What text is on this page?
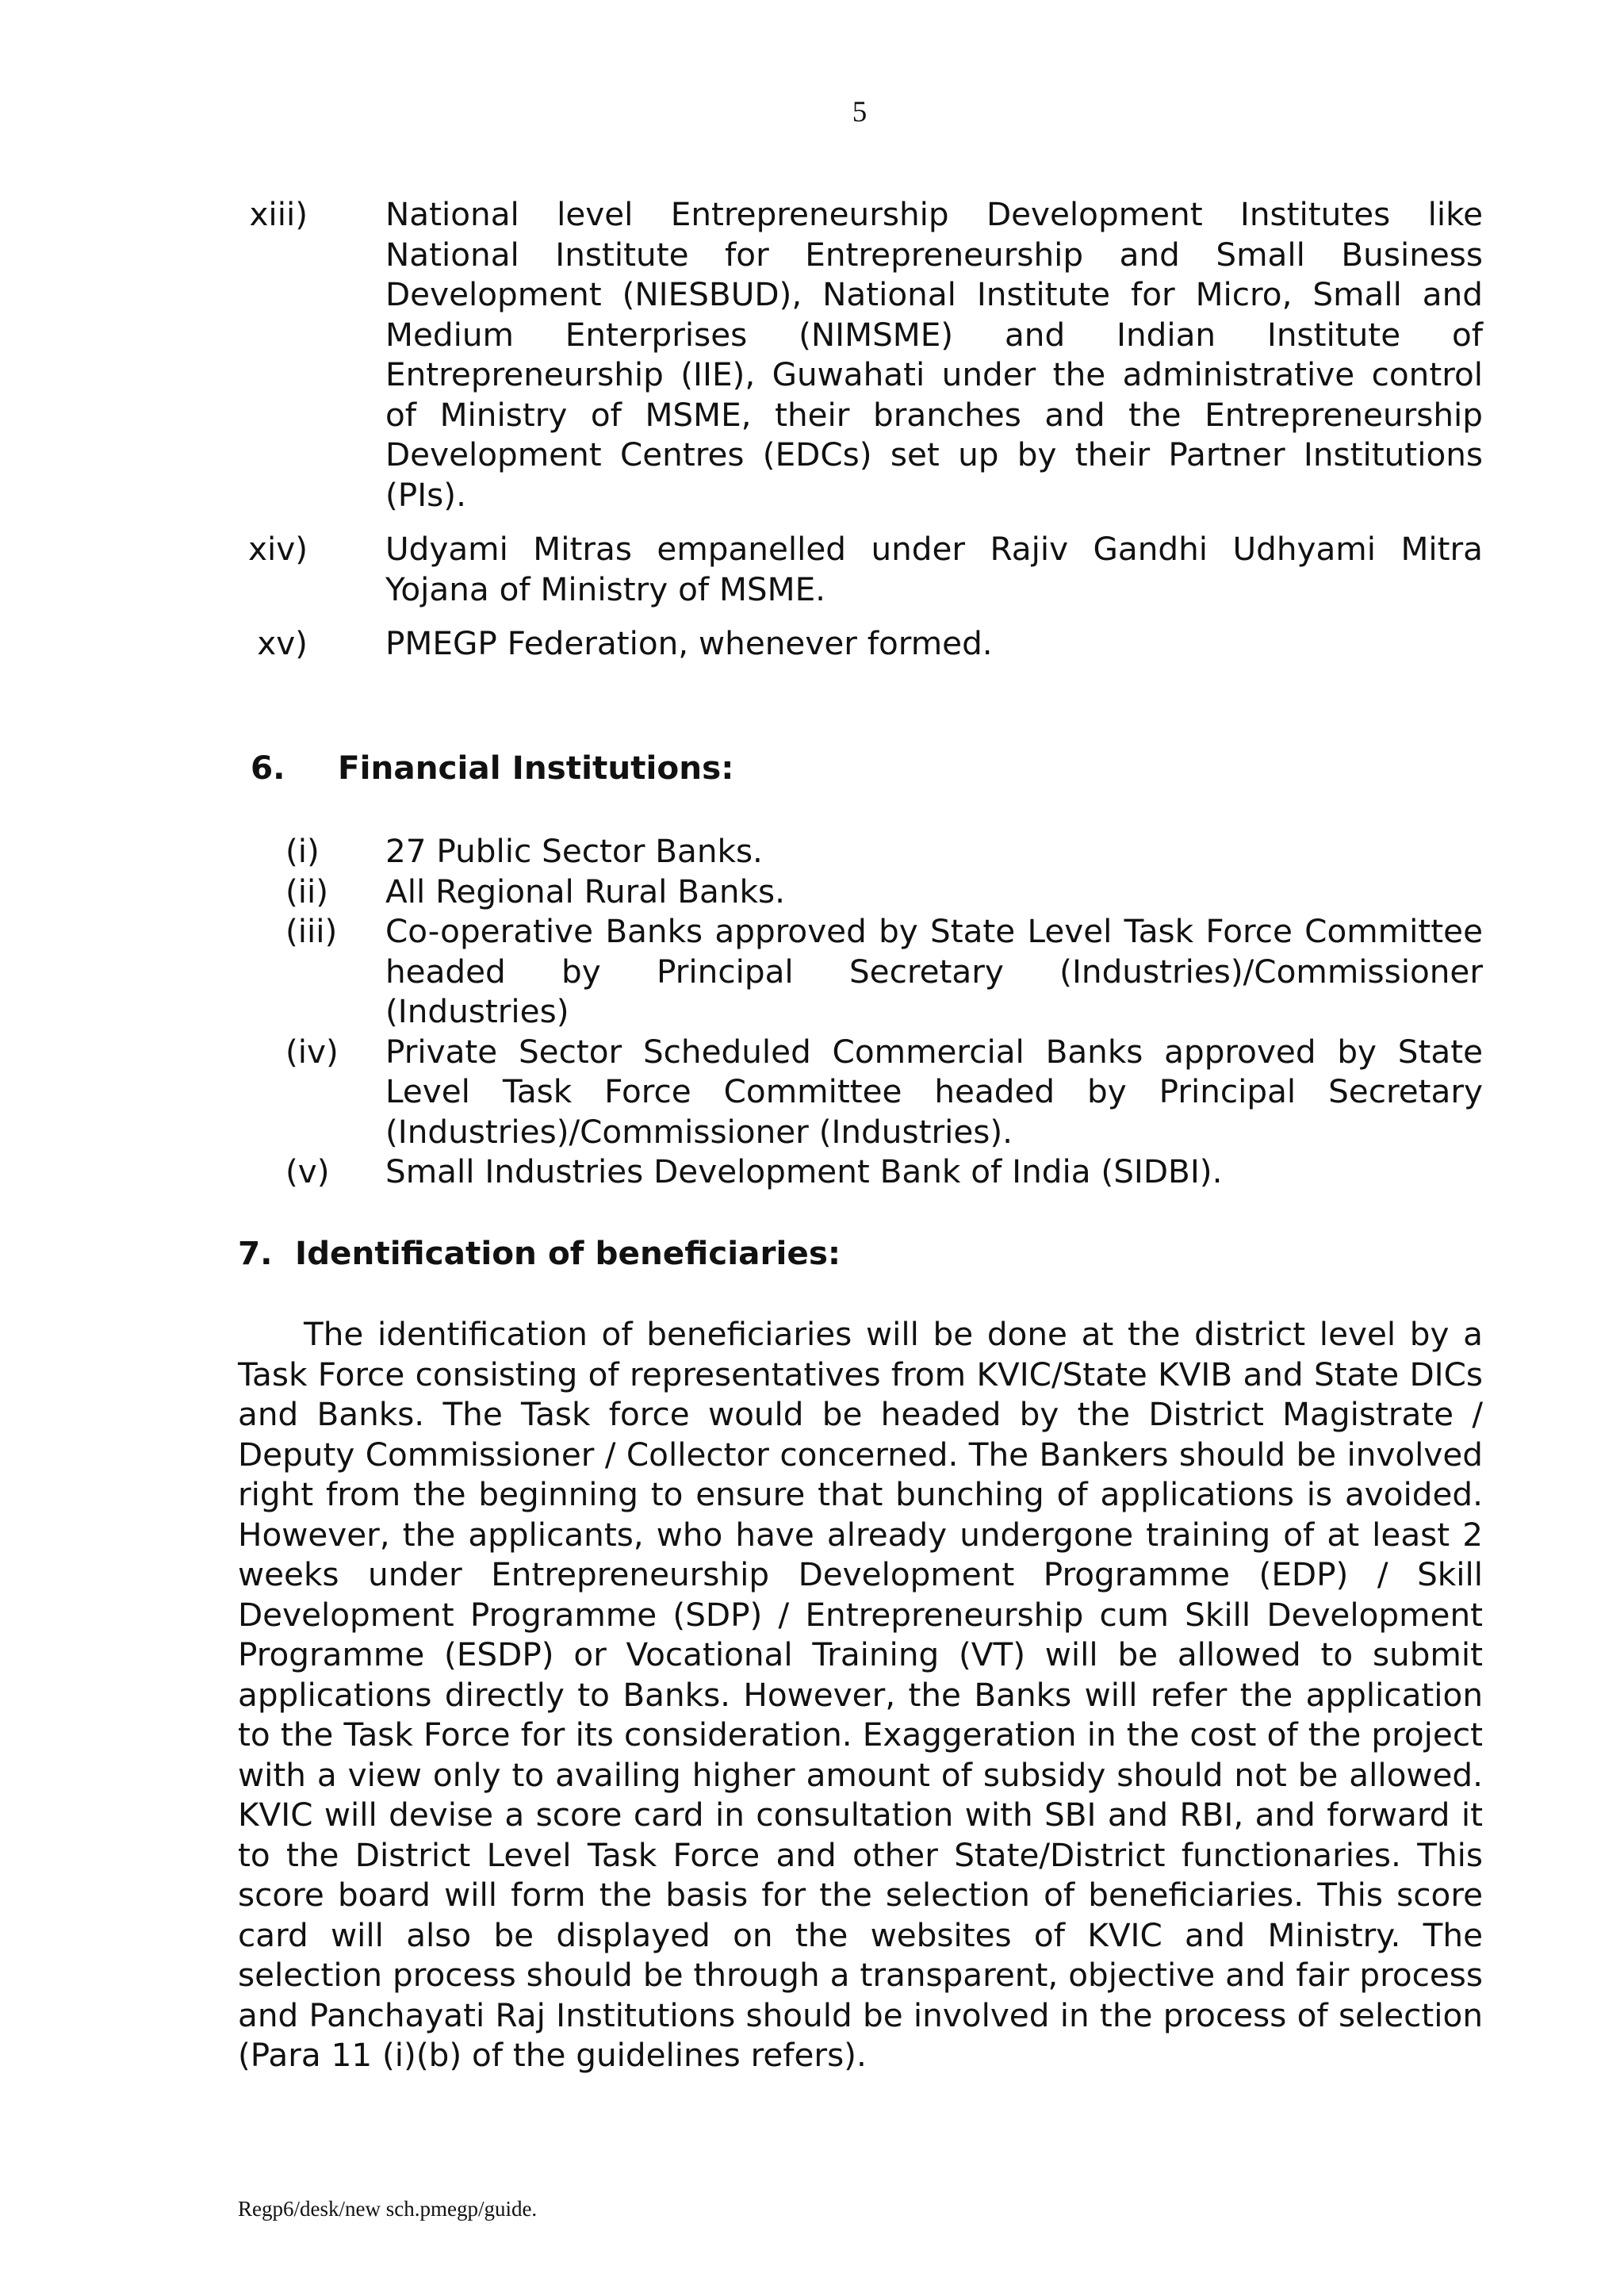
5
xiii)	National level Entrepreneurship Development Institutes like National Institute for Entrepreneurship and Small Business Development (NIESBUD), National Institute for Micro, Small and Medium Enterprises (NIMSME) and Indian Institute of Entrepreneurship (IIE), Guwahati under the administrative control of Ministry of MSME, their branches and the Entrepreneurship Development Centres (EDCs) set up by their Partner Institutions (PIs).
xiv)	Udyami Mitras empanelled under Rajiv Gandhi Udhyami Mitra Yojana of Ministry of MSME.
xv)	PMEGP Federation, whenever formed.
6.	Financial Institutions:
(i)	27 Public Sector Banks.
(ii)	All Regional Rural Banks.
(iii)	Co-operative Banks approved by State Level Task Force Committee headed by Principal Secretary (Industries)/Commissioner (Industries)
(iv)	Private Sector Scheduled Commercial Banks approved by State Level Task Force Committee headed by Principal Secretary (Industries)/Commissioner (Industries).
(v)	Small Industries Development Bank of India (SIDBI).
7. Identification of beneficiaries:

The identification of beneficiaries will be done at the district level by a Task Force consisting of representatives from KVIC/State KVIB and State DICs and Banks. The Task force would be headed by the District Magistrate / Deputy Commissioner / Collector concerned. The Bankers should be involved right from the beginning to ensure that bunching of applications is avoided. However, the applicants, who have already undergone training of at least 2 weeks under Entrepreneurship Development Programme (EDP) / Skill Development Programme (SDP) / Entrepreneurship cum Skill Development Programme (ESDP) or Vocational Training (VT) will be allowed to submit applications directly to Banks. However, the Banks will refer the application to the Task Force for its consideration. Exaggeration in the cost of the project with a view only to availing higher amount of subsidy should not be allowed. KVIC will devise a score card in consultation with SBI and RBI, and forward it to the District Level Task Force and other State/District functionaries. This score board will form the basis for the selection of beneficiaries. This score card will also be displayed on the websites of KVIC and Ministry. The selection process should be through a transparent, objective and fair process and Panchayati Raj Institutions should be involved in the process of selection (Para 11 (i)(b) of the guidelines refers).

Regp6/desk/new sch.pmegp/guide.
